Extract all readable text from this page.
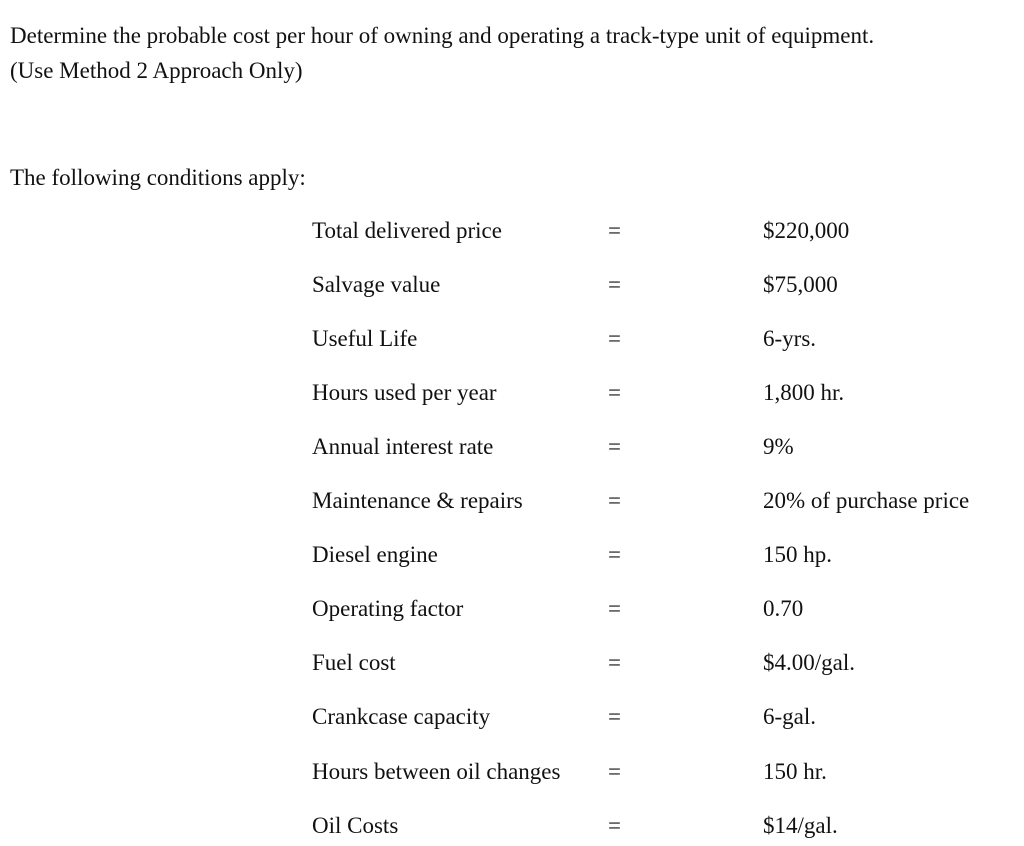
Determine the probable cost per hour of owning and operating a track-type unit of equipment.
(Use Method 2 Approach Only)
The following conditions apply:
Total delivered price	=	$220,000
Salvage value	=	$75,000
Useful Life	=	6-yrs.
Hours used per year	=	1,800 hr.
Annual interest rate	=	9%
Maintenance & repairs	=	20% of purchase price
Diesel engine	=	150 hp.
Operating factor	=	0.70
Fuel cost	=	$4.00/gal.
Crankcase capacity	=	6-gal.
Hours between oil changes =	150 hr.
Oil Costs	=	$14/gal.
